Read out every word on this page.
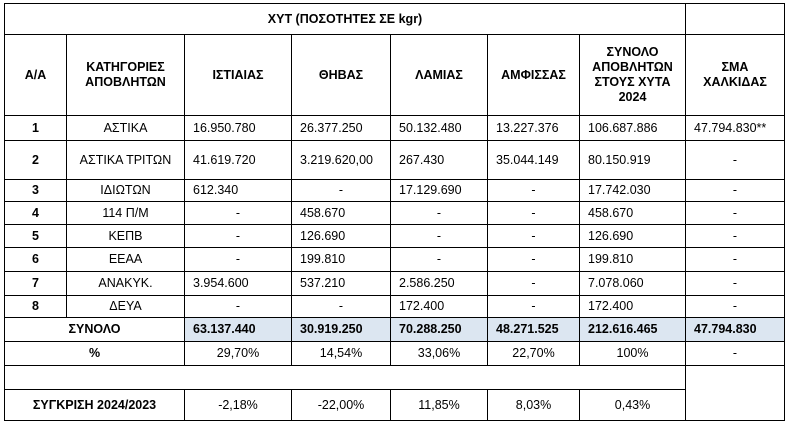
ΧΥΤ (ΠΟΣΟΤΗΤΕΣ ΣΕ kgr)							
Α/Α	ΚΑΤΗΓΟΡΙΕΣ ΑΠΟΒΛΗΤΩΝ	ΙΣΤΙΑΙΑΣ	ΘΗΒΑΣ	ΛΑΜΙΑΣ	ΑΜΦΙΣΣΑΣ	ΣΥΝΟΛΟ ΑΠΟΒΛΗΤΩΝ ΣΤΟΥΣ ΧΥΤΑ 2024	ΣΜΑ ΧΑΛΚΙΔΑΣ
1	ΑΣΤΙΚΑ	16.950.780	26.377.250	50.132.480	13.227.376	106.687.886	47.794.830**
2	ΑΣΤΙΚΑ ΤΡΙΤΩΝ	41.619.720	3.219.620,00	267.430	35.044.149	80.150.919	-
3	ΙΔΙΩΤΩΝ	612.340	-	17.129.690	-	17.742.030	-
4	114 Π/Μ	-	458.670	-	-	458.670	-
5	ΚΕΠΒ	-	126.690	-	-	126.690	-
6	ΕΕΑΑ	-	199.810	-	-	199.810	-
7	ΑΝΑΚΥΚ.	3.954.600	537.210	2.586.250	-	7.078.060	-
8	ΔΕΥΑ	-	-	172.400	-	172.400	-
ΣΥΝΟΛΟ		63.137.440	30.919.250	70.288.250	48.271.525	212.616.465	47.794.830
%		29,70%	14,54%	33,06%	22,70%	100%	-

ΣΥΓΚΡΙΣΗ 2024/2023		-2,18%	-22,00%	11,85%	8,03%	0,43%	
